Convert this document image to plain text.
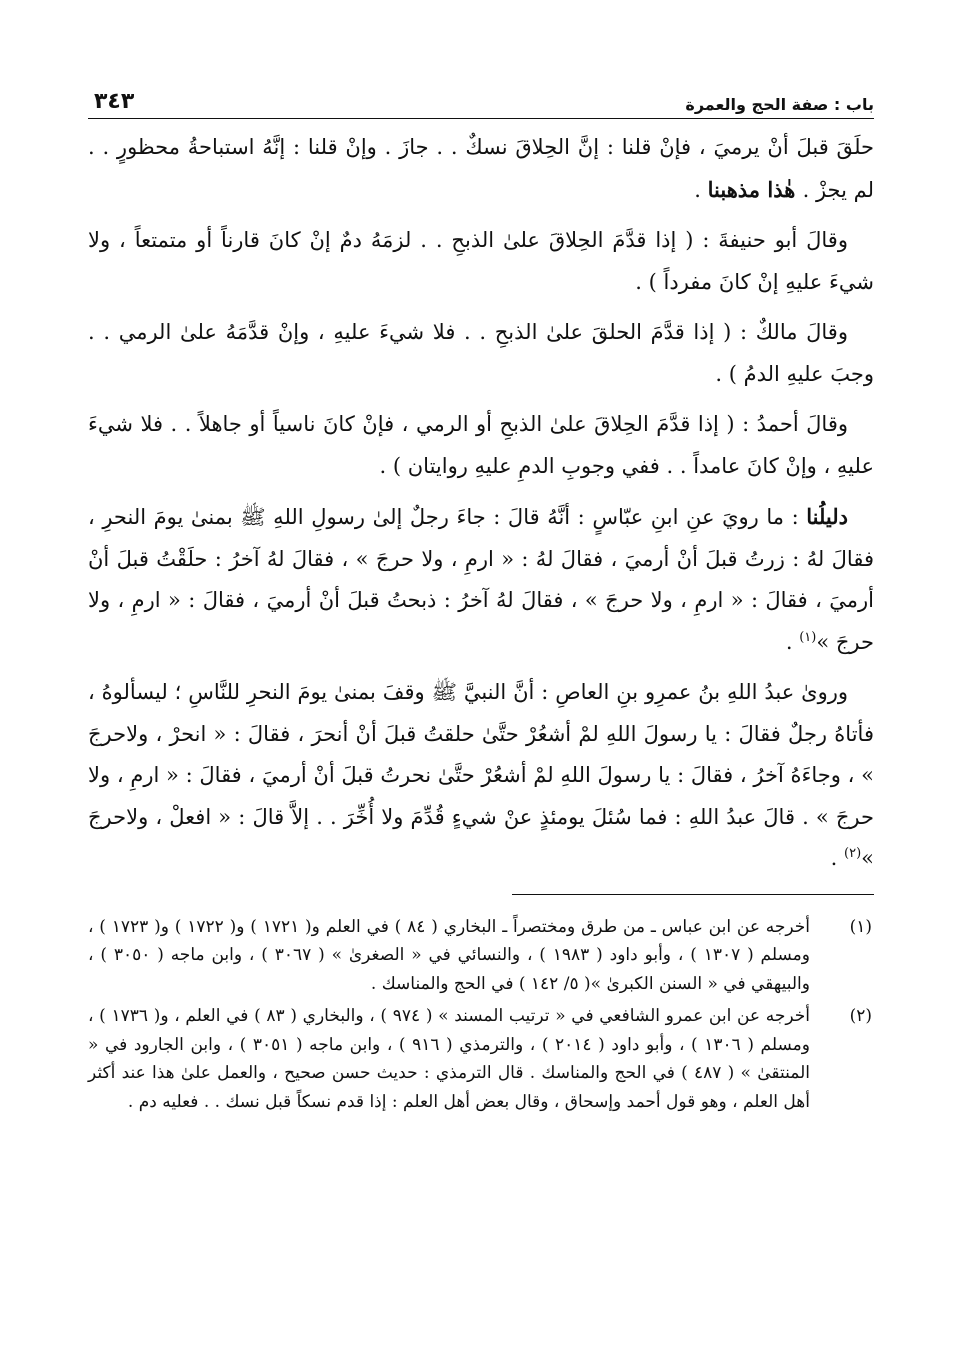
باب : صفة الحج والعمرة
٣٤٣

حلَقَ قبلَ أنْ يرميَ ، فإنْ قلنا : إنَّ الحِلاقَ نسكٌ . . جازَ . وإنْ قلنا : إنَّهُ استباحةُ محظورٍ . . لم يجزْ . هٰذا مذهبنا .

وقالَ أبو حنيفةَ : ( إذا قدَّمَ الحِلاقَ علىٰ الذبحِ . . لزمَهُ دمٌ إنْ كانَ قارناً أو متمتعاً ، ولا شيءَ عليهِ إنْ كانَ مفرداً ) .

وقالَ مالكٌ : ( إذا قدَّمَ الحلقَ علىٰ الذبحِ . . فلا شيءَ عليهِ ، وإنْ قدَّمَهُ علىٰ الرمي . . وجبَ عليهِ الدمُ ) .

وقالَ أحمدُ : ( إذا قدَّمَ الحِلاقَ علىٰ الذبحِ أو الرمي ، فإنْ كانَ ناسياً أو جاهلاً . . فلا شيءَ عليهِ ، وإنْ كانَ عامداً . . ففي وجوبِ الدمِ عليهِ روايتان ) .

دليلُنا : ما رويَ عنِ ابنِ عبّاسٍ : أنَّهُ قالَ : جاءَ رجلٌ إلىٰ رسولِ اللهِ ﷺ بمنىٰ يومَ النحرِ ، فقالَ لهُ : زرتُ قبلَ أنْ أرميَ ، فقالَ لهُ : « ارمِ ، ولا حرجَ » ، فقالَ لهُ آخرُ : حلَقْتُ قبلَ أنْ أرميَ ، فقالَ : « ارمِ ، ولا حرجَ » ، فقالَ لهُ آخرُ : ذبحتُ قبلَ أنْ أرميَ ، فقالَ : « ارمِ ، ولا حرجَ »$^{(١)}$ .

وروىٰ عبدُ اللهِ بنُ عمرِو بنِ العاصِ : أنَّ النبيَّ ﷺ وقفَ بمنىٰ يومَ النحرِ للنَّاسِ ؛ ليسألوهُ ، فأتاهُ رجلٌ فقالَ : يا رسولَ اللهِ لمْ أشعُرْ حتَّىٰ حلقتُ قبلَ أنْ أنحرَ ، فقالَ : « انحرْ ، ولاحرجَ » ، وجاءَهُ آخرُ ، فقالَ : يا رسولَ اللهِ لمْ أشعُرْ حتَّىٰ نحرتُ قبلَ أنْ أرميَ ، فقالَ : « ارمِ ، ولا حرجَ » . قالَ عبدُ اللهِ : فما سُئلَ يومئذٍ عنْ شيءٍ قُدِّمَ ولا أُخِّرَ . . إلاَّ قالَ : « افعلْ ، ولاحرجَ »$^{(٢)}$ .

(١)
أخرجه عن ابن عباس ـ من طرق ومختصراً ـ البخاري ( ٨٤ ) في العلم و( ١٧٢١ ) و( ١٧٢٢ ) و( ١٧٢٣ ) ، ومسلم ( ١٣٠٧ ) ، وأبو داود ( ١٩٨٣ ) ، والنسائي في « الصغرىٰ » ( ٣٠٦٧ ) ، وابن ماجه ( ٣٠٥٠ ) ، والبيهقي في « السنن الكبرىٰ »( ٥/ ١٤٢ ) في الحج والمناسك .
(٢)
أخرجه عن ابن عمرو الشافعي في « ترتيب المسند » ( ٩٧٤ ) ، والبخاري ( ٨٣ ) في العلم ، و( ١٧٣٦ ) ، ومسلم ( ١٣٠٦ ) ، وأبو داود ( ٢٠١٤ ) ، والترمذي ( ٩١٦ ) ، وابن ماجه ( ٣٠٥١ ) ، وابن الجارود في « المنتقىٰ » ( ٤٨٧ ) في الحج والمناسك . قال الترمذي : حديث حسن صحيح ، والعمل علىٰ هذا عند أكثر أهل العلم ، وهو قول أحمد وإسحاق ، وقال بعض أهل العلم : إذا قدم نسكاً قبل نسك . . فعليه دم .
